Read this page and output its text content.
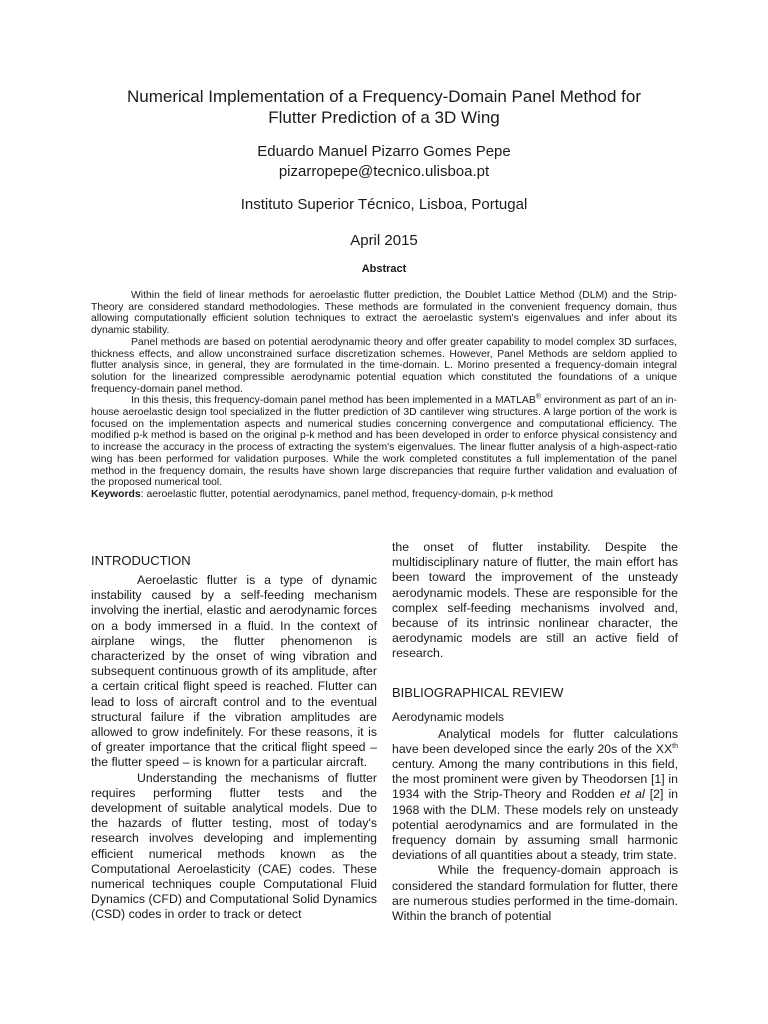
Numerical Implementation of a Frequency-Domain Panel Method for
Flutter Prediction of a 3D Wing
Eduardo Manuel Pizarro Gomes Pepe
pizarropepe@tecnico.ulisboa.pt
Instituto Superior Técnico, Lisboa, Portugal
April 2015
Abstract

Within the field of linear methods for aeroelastic flutter prediction, the Doublet Lattice Method (DLM) and the Strip-Theory are considered standard methodologies. These methods are formulated in the convenient frequency domain, thus allowing computationally efficient solution techniques to extract the aeroelastic system's eigenvalues and infer about its dynamic stability.

Panel methods are based on potential aerodynamic theory and offer greater capability to model complex 3D surfaces, thickness effects, and allow unconstrained surface discretization schemes. However, Panel Methods are seldom applied to flutter analysis since, in general, they are formulated in the time-domain. L. Morino presented a frequency-domain integral solution for the linearized compressible aerodynamic potential equation which constituted the foundations of a unique frequency-domain panel method.

In this thesis, this frequency-domain panel method has been implemented in a MATLAB® environment as part of an in-house aeroelastic design tool specialized in the flutter prediction of 3D cantilever wing structures. A large portion of the work is focused on the implementation aspects and numerical studies concerning convergence and computational efficiency. The modified p-k method is based on the original p-k method and has been developed in order to enforce physical consistency and to increase the accuracy in the process of extracting the system's eigenvalues. The linear flutter analysis of a high-aspect-ratio wing has been performed for validation purposes. While the work completed constitutes a full implementation of the panel method in the frequency domain, the results have shown large discrepancies that require further validation and evaluation of the proposed numerical tool.

Keywords: aeroelastic flutter, potential aerodynamics, panel method, frequency-domain, p-k method

INTRODUCTION

Aeroelastic flutter is a type of dynamic instability caused by a self-feeding mechanism involving the inertial, elastic and aerodynamic forces on a body immersed in a fluid. In the context of airplane wings, the flutter phenomenon is characterized by the onset of wing vibration and subsequent continuous growth of its amplitude, after a certain critical flight speed is reached. Flutter can lead to loss of aircraft control and to the eventual structural failure if the vibration amplitudes are allowed to grow indefinitely. For these reasons, it is of greater importance that the critical flight speed – the flutter speed – is known for a particular aircraft.

Understanding the mechanisms of flutter requires performing flutter tests and the development of suitable analytical models. Due to the hazards of flutter testing, most of today's research involves developing and implementing efficient numerical methods known as the Computational Aeroelasticity (CAE) codes. These numerical techniques couple Computational Fluid Dynamics (CFD) and Computational Solid Dynamics (CSD) codes in order to track or detect

the onset of flutter instability. Despite the multidisciplinary nature of flutter, the main effort has been toward the improvement of the unsteady aerodynamic models. These are responsible for the complex self-feeding mechanisms involved and, because of its intrinsic nonlinear character, the aerodynamic models are still an active field of research.

BIBLIOGRAPHICAL REVIEW
Aerodynamic models

Analytical models for flutter calculations have been developed since the early 20s of the XXth century. Among the many contributions in this field, the most prominent were given by Theodorsen [1] in 1934 with the Strip-Theory and Rodden et al [2] in 1968 with the DLM. These models rely on unsteady potential aerodynamics and are formulated in the frequency domain by assuming small harmonic deviations of all quantities about a steady, trim state.

While the frequency-domain approach is considered the standard formulation for flutter, there are numerous studies performed in the time-domain. Within the branch of potential
